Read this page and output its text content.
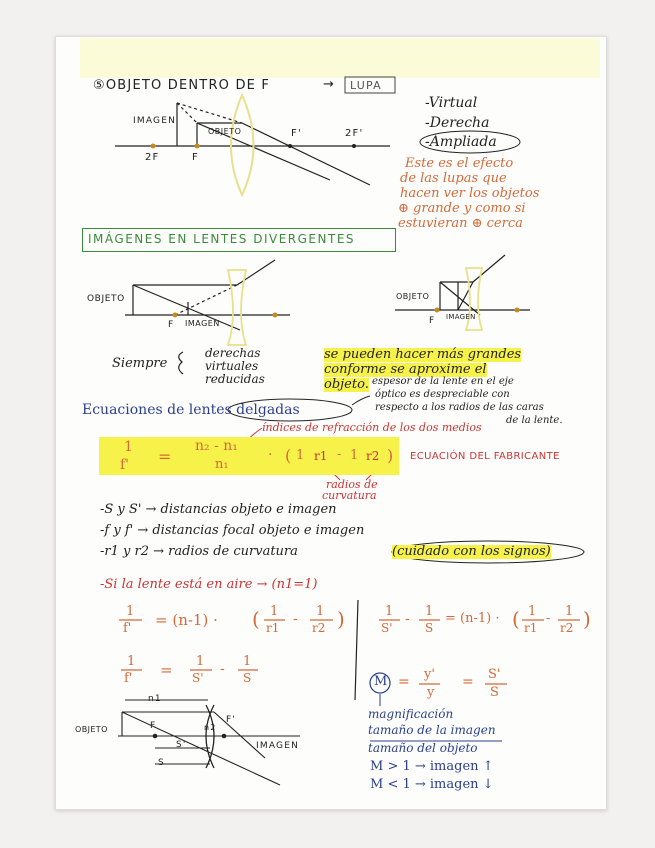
⑤OBJETO DENTRO DE F	→ LUPA
IMAGEN
OBJETO	F'	2F'
2F	F
-Virtual
-Derecha
-Ampliada
Este es el efecto
de las lupas que
hacen ver los objetos
⊕ grande y como si
estuvieran ⊕ cerca
IMÁGENES EN LENTES DIVERGENTES
OBJETO
F IMAGEN
OBJETO
F IMAGEN
Siempre
derechas
virtuales
reducidas
se pueden hacer más grandes
conforme se aproxime el
objeto.
Ecuaciones de lentes delgadas
espesor de la lente en el eje
óptico es despreciable con
respecto a los radios de las caras
de la lente.
índices de refracción de los dos medios
1
f' =
n₂ - n₁
n₁
· ( 1 r1 - 1 r2 ) ECUACIÓN DEL FABRICANTE
radios de
curvatura
-S y S' → distancias objeto e imagen
-f y f' → distancias focal objeto e imagen
-r1 y r2 → radios de curvatura	(cuidado con los signos)
-Si la lente está en aire → (n1=1)
1
f' = (n-1) · ( 1
r1
- 1
r2 )	1
S'
- 1
S
= (n-1) · ( 1
r1
- 1
r2 )
1
f' = 1
S'
- 1
S	M = y'
y
= S'
S
magnificación
tamaño de la imagen
tamaño del objeto
M > 1 → imagen ↑
M < 1 → imagen ↓
n1
n2
OBJETO	F
F'
IMAGEN
S'
S
